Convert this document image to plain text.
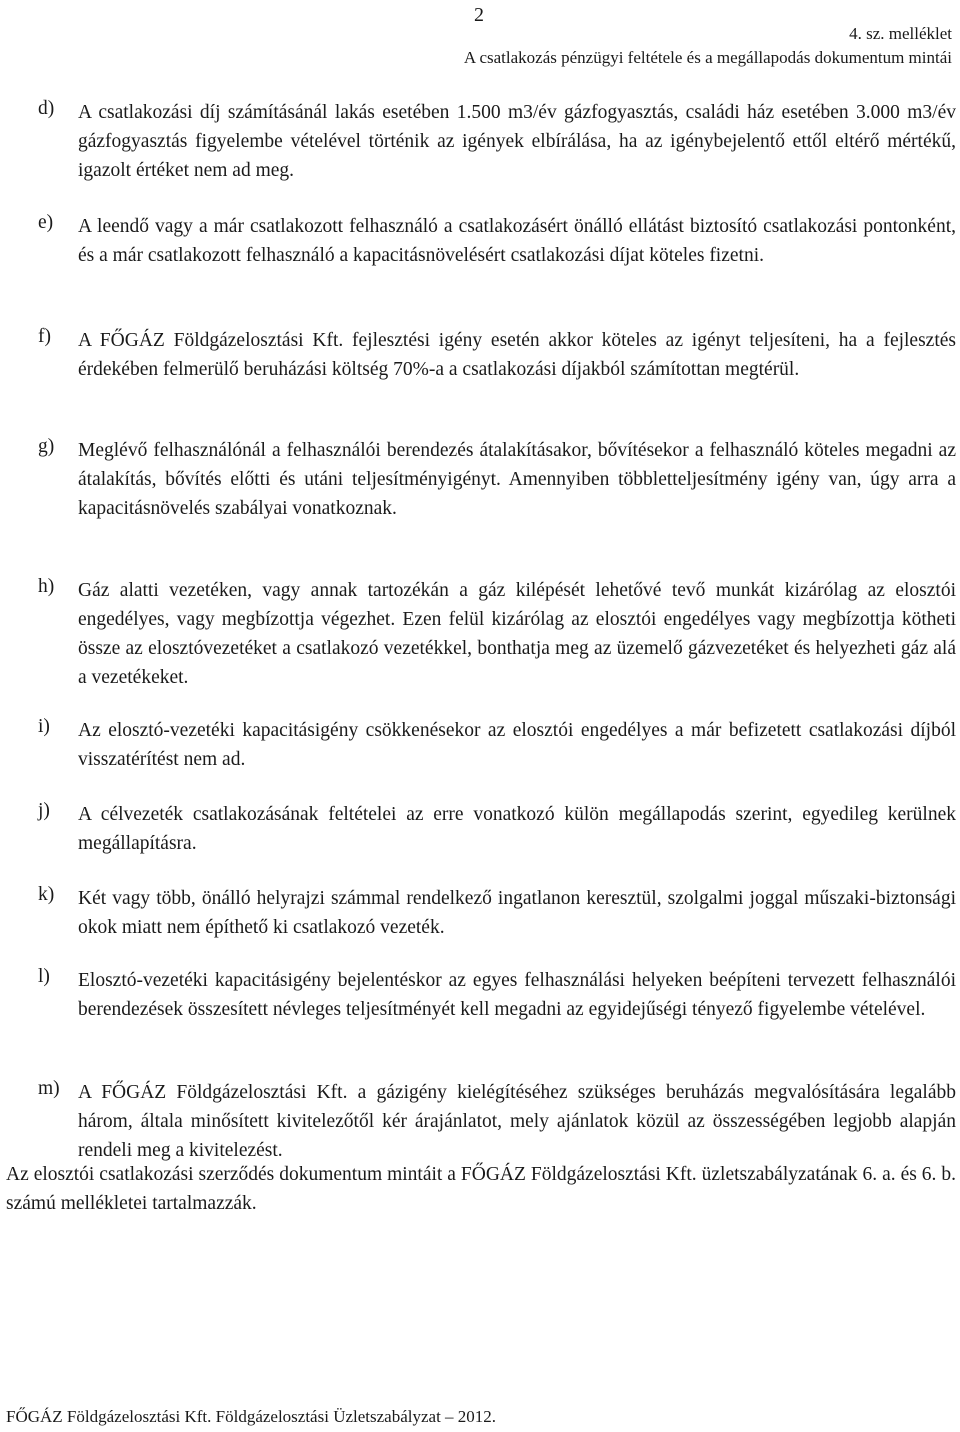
2
4. sz. melléklet
A csatlakozás pénzügyi feltétele és a megállapodás dokumentum mintái
d)	A csatlakozási díj számításánál lakás esetében 1.500 m3/év gázfogyasztás, családi ház esetében 3.000 m3/év gázfogyasztás figyelembe vételével történik az igények elbírálása, ha az igénybejelentő ettől eltérő mértékű, igazolt értéket nem ad meg.
e)	A leendő vagy a már csatlakozott felhasználó a csatlakozásért önálló ellátást biztosító csatlakozási pontonként, és a már csatlakozott felhasználó a kapacitásnövelésért csatlakozási díjat köteles fizetni.
f)	A FŐGÁZ Földgázelosztási Kft. fejlesztési igény esetén akkor köteles az igényt teljesíteni, ha a fejlesztés érdekében felmerülő beruházási költség 70%-a a csatlakozási díjakból számítottan megtérül.
g)	Meglévő felhasználónál a felhasználói berendezés átalakításakor, bővítésekor a felhasználó köteles megadni az átalakítás, bővítés előtti és utáni teljesítményigényt. Amennyiben többletteljesítmény igény van, úgy arra a kapacitásnövelés szabályai vonatkoznak.
h)	Gáz alatti vezetéken, vagy annak tartozékán a gáz kilépését lehetővé tevő munkát kizárólag az elosztói engedélyes, vagy megbízottja végezhet. Ezen felül kizárólag az elosztói engedélyes vagy megbízottja kötheti össze az elosztóvezetéket a csatlakozó vezetékkel, bonthatja meg az üzemelő gázvezetéket és helyezheti gáz alá a vezetékeket.
i)	Az elosztó-vezetéki kapacitásigény csökkenésekor az elosztói engedélyes a már befizetett csatlakozási díjból visszatérítést nem ad.
j)	A célvezeték csatlakozásának feltételei az erre vonatkozó külön megállapodás szerint, egyedileg kerülnek megállapításra.
k)	Két vagy több, önálló helyrajzi számmal rendelkező ingatlanon keresztül, szolgalmi joggal műszaki-biztonsági okok miatt nem építhető ki csatlakozó vezeték.
l)	Elosztó-vezetéki kapacitásigény bejelentéskor az egyes felhasználási helyeken beépíteni tervezett felhasználói berendezések összesített névleges teljesítményét kell megadni az egyidejűségi tényező figyelembe vételével.
m) A FŐGÁZ Földgázelosztási Kft. a gázigény kielégítéséhez szükséges beruházás megvalósítására legalább három, általa minősített kivitelezőtől kér árajánlatot, mely ajánlatok közül az összességében legjobb alapján rendeli meg a kivitelezést.
Az elosztói csatlakozási szerződés dokumentum mintáit a FŐGÁZ Földgázelosztási Kft. üzletszabályzatának 6. a. és 6. b. számú mellékletei tartalmazzák.
FŐGÁZ Földgázelosztási Kft. Földgázelosztási Üzletszabályzat – 2012.
